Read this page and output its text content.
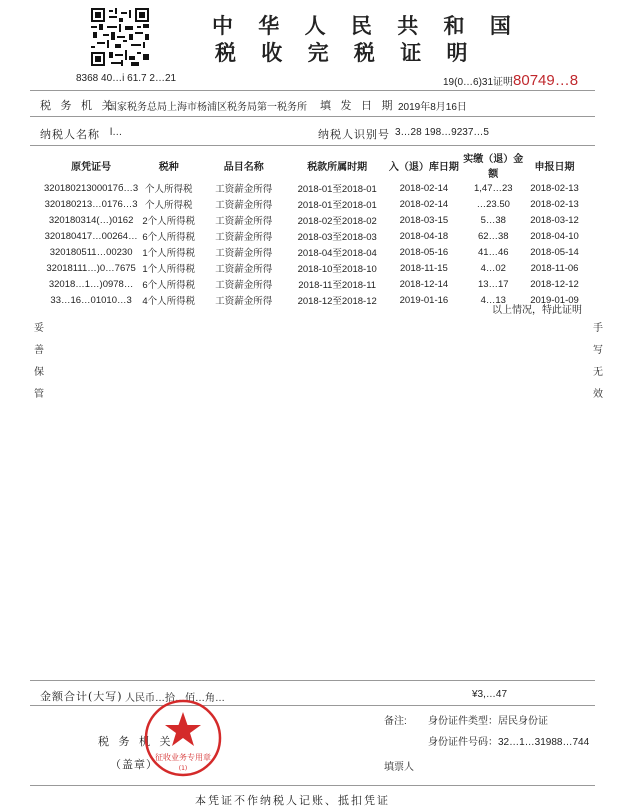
中 华 人 民 共 和 国
税 收 完 税 证 明
8368 40…i 61.7 2…21	19(0…6)31证明80749…8
税 务 机 关
国家税务总局上海市杨浦区税务局第一税务所 填 发 日 期 2019年8月16日
纳税人名称 l…	纳税人识别号 3…28 198…9237…5
原凭证号	税种	品目名称	税款所属时期	入（退）库日期	实缴（退）金额	申报日期
32018021300017б…3	个人所得税	工资薪金所得	2018-01至2018-01	2018-02-14	1,47…23	2018-02-13
320180213…0176…3	个人所得税	工资薪金所得	2018-01至2018-01	2018-02-14	…23.50	2018-02-13
320180314(…)0162	2个人所得税	工资薪金所得	2018-02至2018-02	2018-03-15	5…38	2018-03-12
320180417…00264…	6个人所得税	工资薪金所得	2018-03至2018-03	2018-04-18	62…38	2018-04-10
320180511…00230	1个人所得税	工资薪金所得	2018-04至2018-04	2018-05-16	41…46	2018-05-14
32018111…)0…7675	1个人所得税	工资薪金所得	2018-10至2018-10	2018-11-15	4…02	2018-11-06
32018…1…)0978…	6个人所得税	工资薪金所得	2018-11至2018-11	2018-12-14	13…17	2018-12-12
33…16…01010…3	4个人所得税	工资薪金所得	2018-12至2018-12	2019-01-16	4…13	2019-01-09
以上情况，特此证明
妥
善
保
管
手
写
无
效
金额合计(大写) 人民币…拾…佰…角…	¥3,…47
备注: 身份证件类型：居民身份证
身份证件号码：32…1…31988…744
税 务 机 关
（盖章）	填票人
征收业务专用章
(1)
本凭证不作纳税人记账、抵扣凭证
